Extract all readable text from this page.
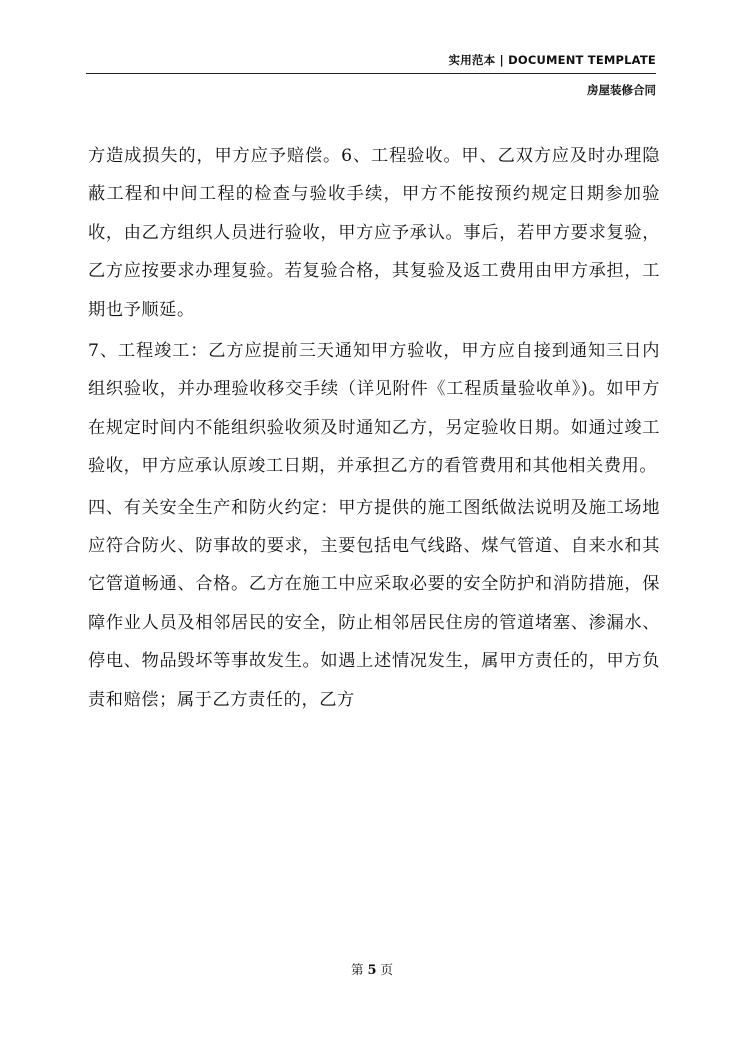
实用范本 | DOCUMENT TEMPLATE
房屋装修合同

方造成损失的，甲方应予赔偿。6、工程验收。甲、乙双方应及时办理隐蔽工程和中间工程的检查与验收手续，甲方不能按预约规定日期参加验收，由乙方组织人员进行验收，甲方应予承认。事后，若甲方要求复验，乙方应按要求办理复验。若复验合格，其复验及返工费用由甲方承担，工期也予顺延。

7、工程竣工：乙方应提前三天通知甲方验收，甲方应自接到通知三日内组织验收，并办理验收移交手续（详见附件《工程质量验收单》)。如甲方在规定时间内不能组织验收须及时通知乙方，另定验收日期。如通过竣工验收，甲方应承认原竣工日期，并承担乙方的看管费用和其他相关费用。

四、有关安全生产和防火约定：甲方提供的施工图纸做法说明及施工场地应符合防火、防事故的要求，主要包括电气线路、煤气管道、自来水和其它管道畅通、合格。乙方在施工中应采取必要的安全防护和消防措施，保障作业人员及相邻居民的安全，防止相邻居民住房的管道堵塞、渗漏水、停电、物品毁坏等事故发生。如遇上述情况发生，属甲方责任的，甲方负责和赔偿；属于乙方责任的，乙方

第 5 页
